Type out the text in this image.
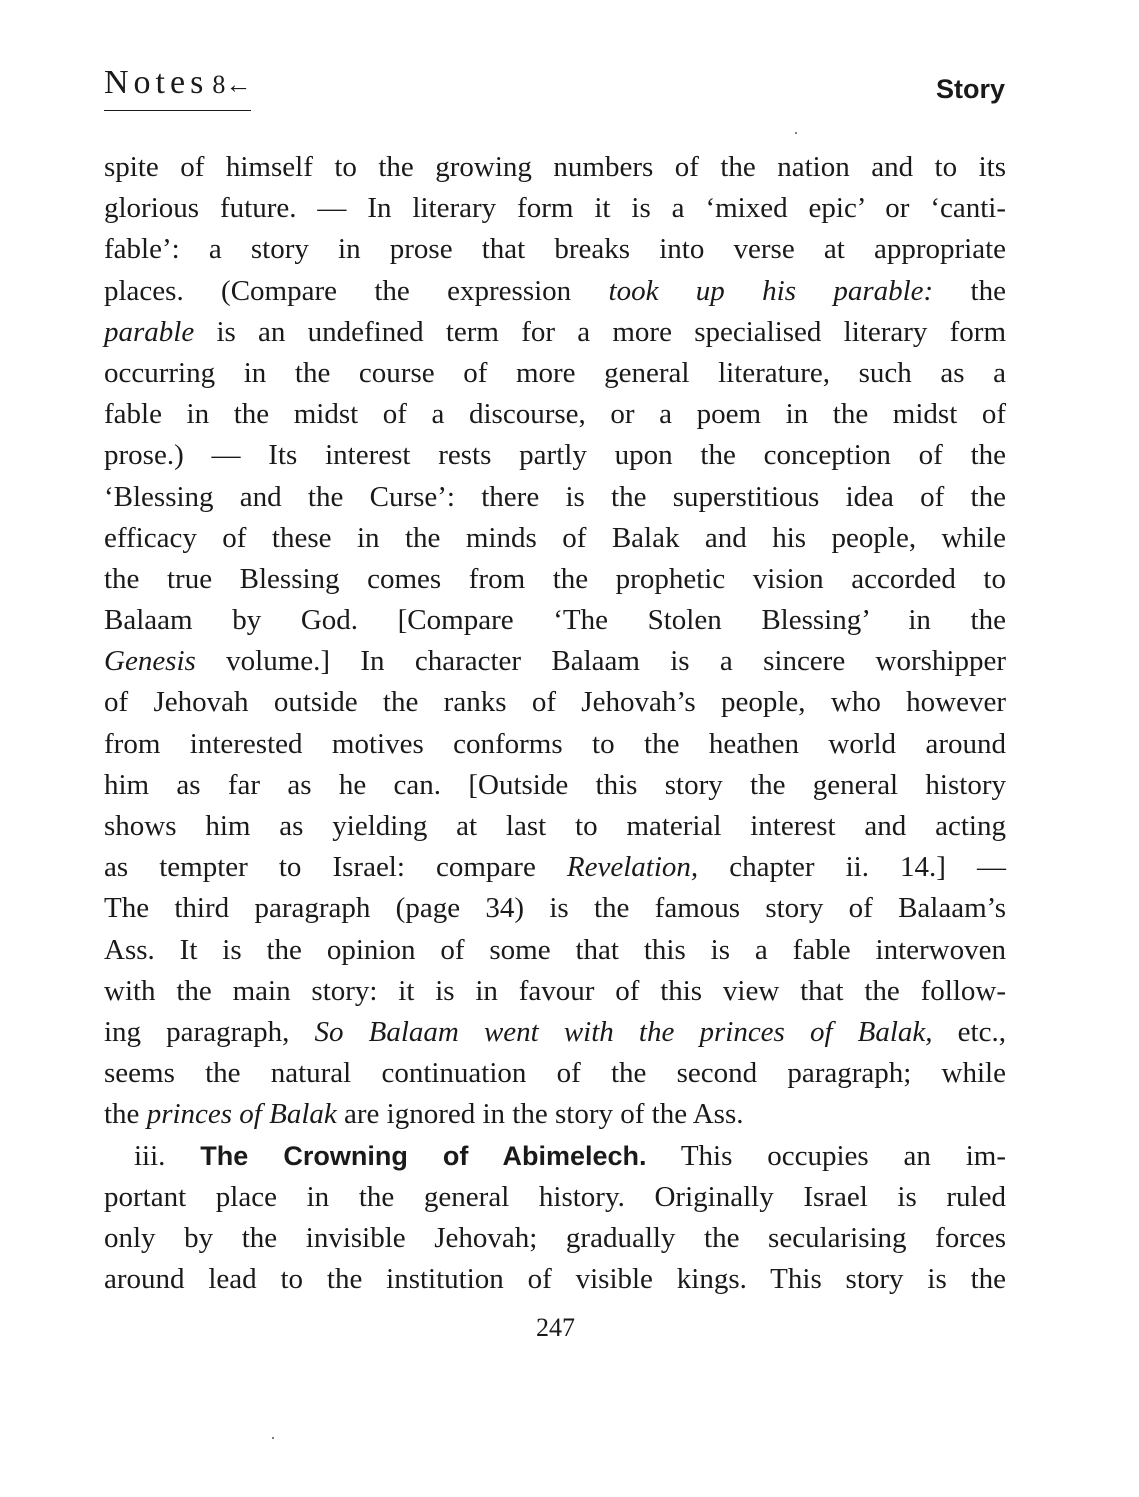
Notes 8←	Story
spite of himself to the growing numbers of the nation and to its
glorious future. — In literary form it is a ‘mixed epic’ or ‘canti-
fable’: a story in prose that breaks into verse at appropriate
places. (Compare the expression took up his parable: the
parable is an undefined term for a more specialised literary form
occurring in the course of more general literature, such as a
fable in the midst of a discourse, or a poem in the midst of
prose.) — Its interest rests partly upon the conception of the
‘Blessing and the Curse’: there is the superstitious idea of the
efficacy of these in the minds of Balak and his people, while
the true Blessing comes from the prophetic vision accorded to
Balaam by God. [Compare ‘The Stolen Blessing’ in the
Genesis volume.] In character Balaam is a sincere worshipper
of Jehovah outside the ranks of Jehovah’s people, who however
from interested motives conforms to the heathen world around
him as far as he can. [Outside this story the general history
shows him as yielding at last to material interest and acting
as tempter to Israel: compare Revelation, chapter ii. 14.] —
The third paragraph (page 34) is the famous story of Balaam’s
Ass. It is the opinion of some that this is a fable interwoven
with the main story: it is in favour of this view that the follow-
ing paragraph, So Balaam went with the princes of Balak, etc.,
seems the natural continuation of the second paragraph; while
the princes of Balak are ignored in the story of the Ass.
iii. The Crowning of Abimelech. This occupies an im-
portant place in the general history. Originally Israel is ruled
only by the invisible Jehovah; gradually the secularising forces
around lead to the institution of visible kings. This story is the
247
